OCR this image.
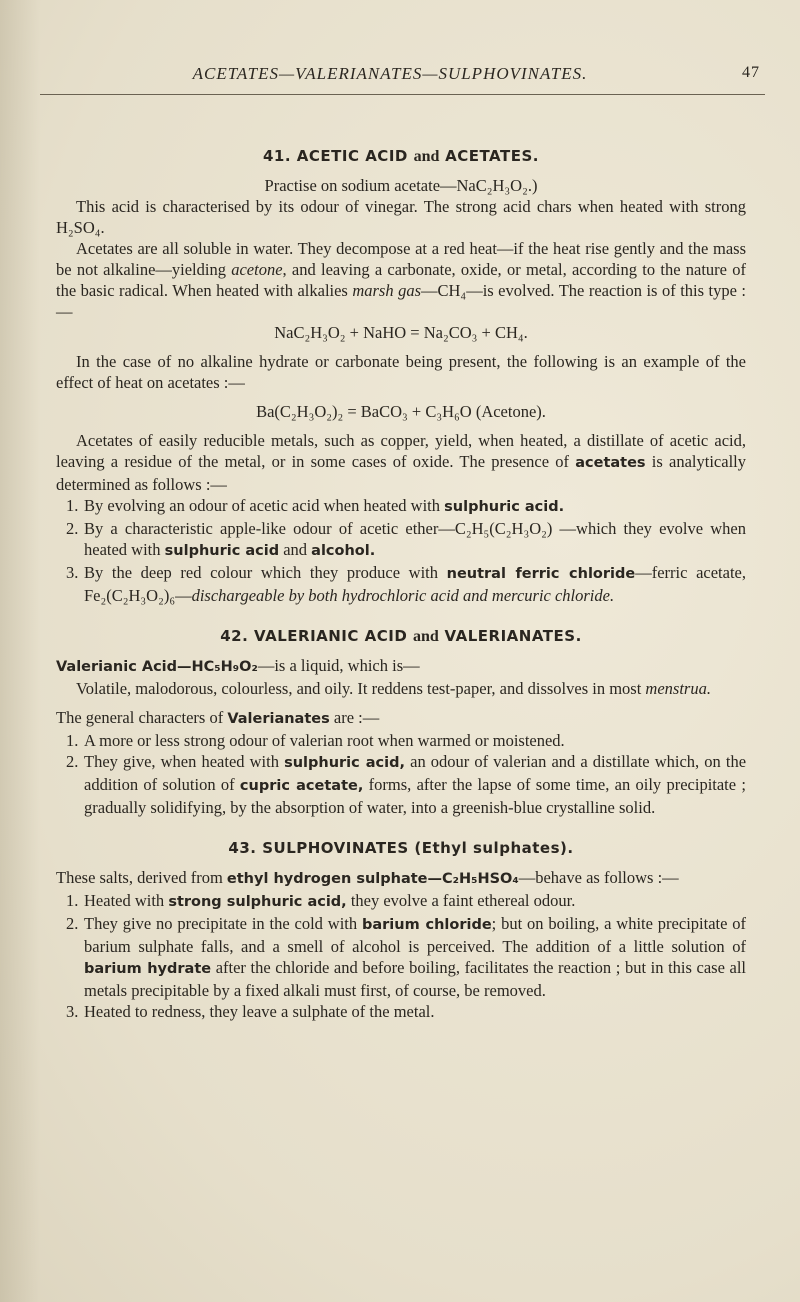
ACETATES—VALERIANATES—SULPHOVINATES.	47
41. ACETIC ACID and ACETATES.

Practise on sodium acetate—NaC₂H₃O₂.)

This acid is characterised by its odour of vinegar. The strong acid chars when heated with strong H₂SO₄.

Acetates are all soluble in water. They decompose at a red heat—if the heat rise gently and the mass be not alkaline—yielding acetone, and leaving a carbonate, oxide, or metal, according to the nature of the basic radical. When heated with alkalies marsh gas—CH₄—is evolved. The reaction is of this type :—

NaC₂H₃O₂ + NaHO = Na₂CO₃ + CH₄.

In the case of no alkaline hydrate or carbonate being present, the following is an example of the effect of heat on acetates :—

Ba(C₂H₃O₂)₂ = BaCO₃ + C₃H₆O (Acetone).

Acetates of easily reducible metals, such as copper, yield, when heated, a distillate of acetic acid, leaving a residue of the metal, or in some cases of oxide. The presence of acetates is analytically determined as follows :—

1. By evolving an odour of acetic acid when heated with sulphuric acid.
2. By a characteristic apple-like odour of acetic ether—C₂H₅(C₂H₃O₂) —which they evolve when heated with sulphuric acid and alcohol.
3. By the deep red colour which they produce with neutral ferric chloride—ferric acetate, Fe₂(C₂H₃O₂)₆—dischargeable by both hydrochloric acid and mercuric chloride.
42. VALERIANIC ACID and VALERIANATES.

Valerianic Acid—HC₅H₉O₂—is a liquid, which is—

Volatile, malodorous, colourless, and oily. It reddens test-paper, and dissolves in most menstrua.

The general characters of Valerianates are :—

1. A more or less strong odour of valerian root when warmed or moistened.
2. They give, when heated with sulphuric acid, an odour of valerian and a distillate which, on the addition of solution of cupric acetate, forms, after the lapse of some time, an oily precipitate ; gradually solidifying, by the absorption of water, into a greenish-blue crystalline solid.
43. SULPHOVINATES (Ethyl sulphates).

These salts, derived from ethyl hydrogen sulphate—C₂H₅HSO₄—behave as follows :—

1. Heated with strong sulphuric acid, they evolve a faint ethereal odour.
2. They give no precipitate in the cold with barium chloride; but on boiling, a white precipitate of barium sulphate falls, and a smell of alcohol is perceived. The addition of a little solution of barium hydrate after the chloride and before boiling, facilitates the reaction ; but in this case all metals precipitable by a fixed alkali must first, of course, be removed.
3. Heated to redness, they leave a sulphate of the metal.
